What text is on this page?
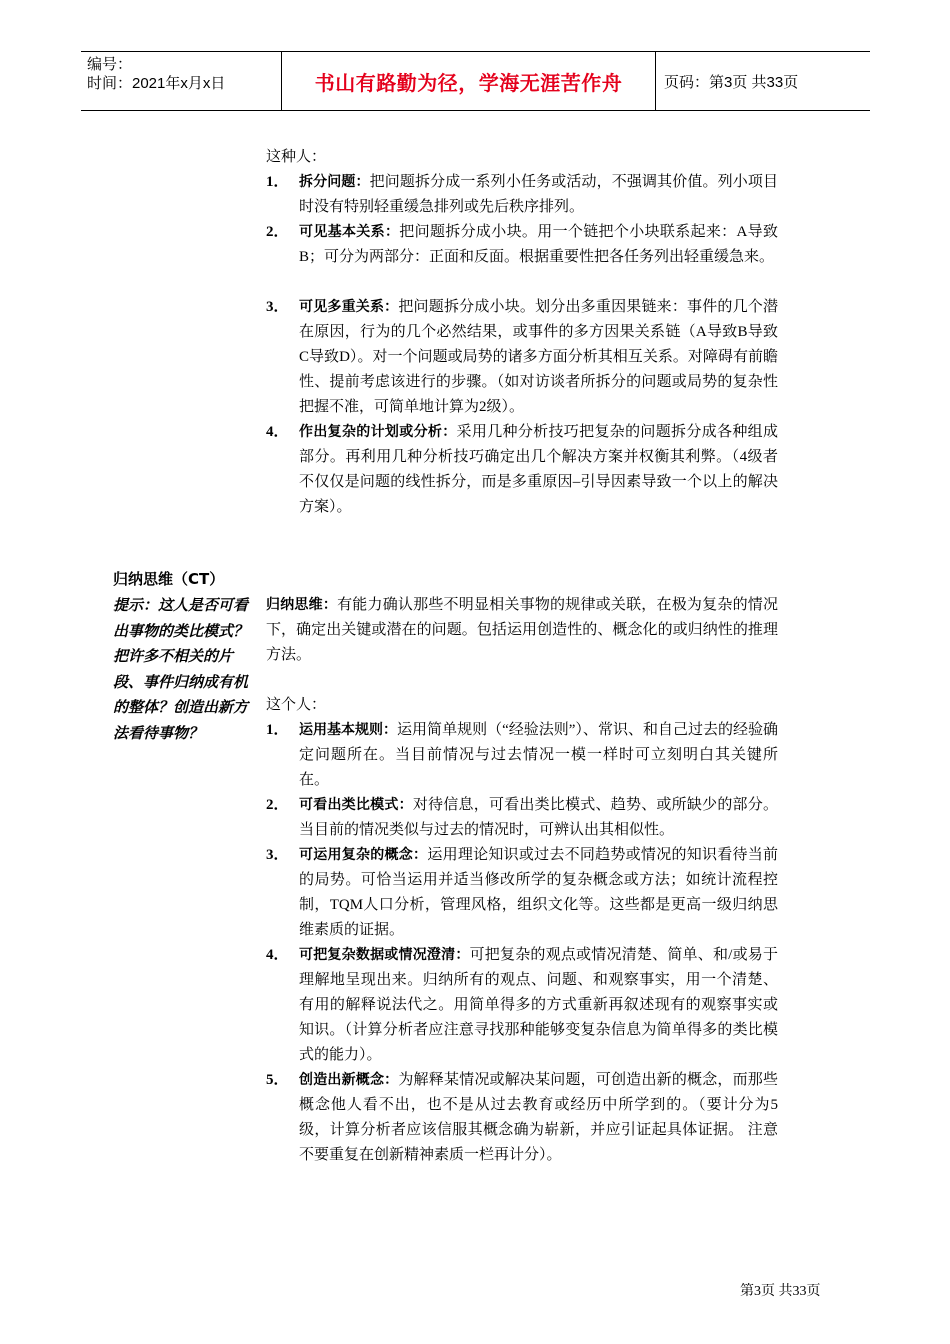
编号：
时间：2021年x月x日	书山有路勤为径，学海无涯苦作舟	页码：第3页 共33页
这种人：
1． 拆分问题：把问题拆分成一系列小任务或活动，不强调其价值。列小项目时没有特别轻重缓急排列或先后秩序排列。
2． 可见基本关系：把问题拆分成小块。用一个链把个小块联系起来：A导致B；可分为两部分：正面和反面。根据重要性把各任务列出轻重缓急来。
3． 可见多重关系：把问题拆分成小块。划分出多重因果链来：事件的几个潜在原因，行为的几个必然结果，或事件的多方因果关系链（A导致B导致C导致D）。对一个问题或局势的诸多方面分析其相互关系。对障碍有前瞻性、提前考虑该进行的步骤。（如对访谈者所拆分的问题或局势的复杂性把握不准，可简单地计算为2级）。
4． 作出复杂的计划或分析：采用几种分析技巧把复杂的问题拆分成各种组成部分。再利用几种分析技巧确定出几个解决方案并权衡其利弊。（4级者不仅仅是问题的线性拆分，而是多重原因–引导因素导致一个以上的解决方案）。
归纳思维（CT）
提示：这人是否可看出事物的类比模式？把许多不相关的片段、事件归纳成有机的整体？创造出新方法看待事物？
归纳思维：有能力确认那些不明显相关事物的规律或关联，在极为复杂的情况下，确定出关键或潜在的问题。包括运用创造性的、概念化的或归纳性的推理方法。
这个人：
1． 运用基本规则：运用简单规则（“经验法则”）、常识、和自己过去的经验确定问题所在。当目前情况与过去情况一模一样时可立刻明白其关键所在。
2． 可看出类比模式：对待信息，可看出类比模式、趋势、或所缺少的部分。 当目前的情况类似与过去的情况时，可辨认出其相似性。
3． 可运用复杂的概念：运用理论知识或过去不同趋势或情况的知识看待当前的局势。可恰当运用并适当修改所学的复杂概念或方法；如统计流程控制，TQM人口分析，管理风格，组织文化等。这些都是更高一级归纳思维素质的证据。
4． 可把复杂数据或情况澄清：可把复杂的观点或情况清楚、简单、和/或易于理解地呈现出来。归纳所有的观点、问题、和观察事实，用一个清楚、有用的解释说法代之。用简单得多的方式重新再叙述现有的观察事实或知识。（计算分析者应注意寻找那种能够变复杂信息为简单得多的类比模式的能力）。
5． 创造出新概念：为解释某情况或解决某问题，可创造出新的概念，而那些概念他人看不出，也不是从过去教育或经历中所学到的。（要计分为5级，计算分析者应该信服其概念确为崭新，并应引证起具体证据。 注意不要重复在创新精神素质一栏再计分）。
第3页 共33页
